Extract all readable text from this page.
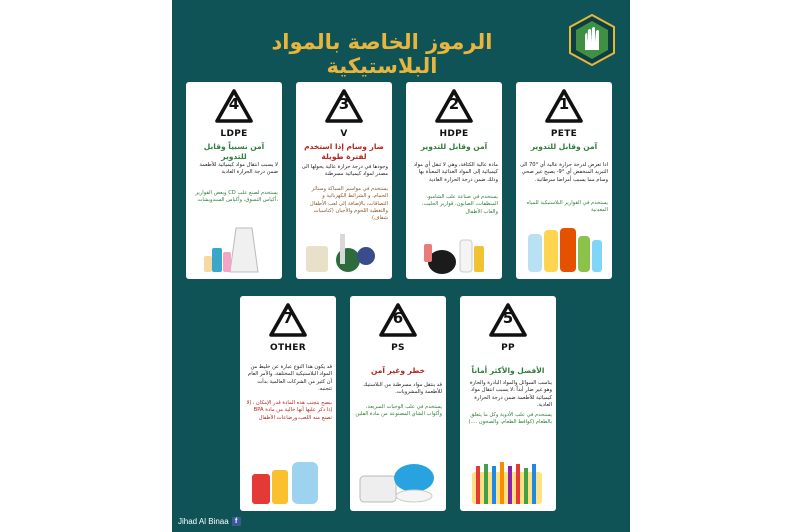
الرموز الخاصة بالمواد البلاستيكية
4
LDPE
آمن نسبياً وقابل للتدوير
لا يسبب انتقال مواد كيميائية للأطعمة ضمن درجة الحرارة العادية
يستخدم لصنع علب CD وبعض القوارير ،أكياس التسوق، وأكياس السندويشات
3
V
ضار وسام إذا استخدم لفترة طويلة
وجودها في درجة حرارة عالية يحولها الى مصدر لمواد كيميائية مسرطنة
يستخدم في مواسير السباكة وستائر الحمام، و الشرائط الكهربائية و التصاقات، بالإضافة إلى لعب الأطفال والتغطية اللحوم والأجبان (كناسيات شفاف)
2
HDPE
آمن وقابل للتدوير
مادة عالية الكثافة، وهي لا تنقل أي مواد كيميائية إلى المواد الغذائية المعبأة بها وذلك ضمن درجة الحرارة العادية
يستخدم في صناعة علب الشامبو، المنظفات، الصابون، قوارير الحليب، والعاب الأطفال
1
PETE
آمن وقابل للتدوير
اذا تعرض لدرجة حرارة عالية أي °70 الى التبريد المنخفض أي °9- يصبح غير صحي وسام مما يسبب أمراضا سرطانية.
يستخدم في القوارير البلاستيكية للمياه المعدنية
7
OTHER
قد يكون هذا النوع عبارة عن خليط من المواد البلاستيكية المختلفة، والأمر العام أن كثير من الشركات العالمية بدأت تتجنبه.
ينصح بتجنب هذه المادة قدر الإمكان ، إلا إذا ذكر عليها أنها خالية من مادة BPA تصنع منه اللعب،ورضاعات الأطفال
6
PS
خطر وغير آمن
قد ينتقل مواد مسرطنة من البلاستيك للأطعمة والمشروبات.
يستخدم في علب الوجبات السريعة، وأكواب الشاي المصنوعة من مادة الفلين
5
PP
الأفضل والأكثر أماناً
يناسب السوائل والمواد البادرة والحارة وهو غير ضار أبداً ،لا يسبب انتقال مواد كيميائية للأطعمة ضمن درجة الحرارة العادية.
يستخدم في علب الأدوية وكل ما يتعلق بالطعام (كواقط الطعام، والصحون ....)
Jihad Al Binaa f
